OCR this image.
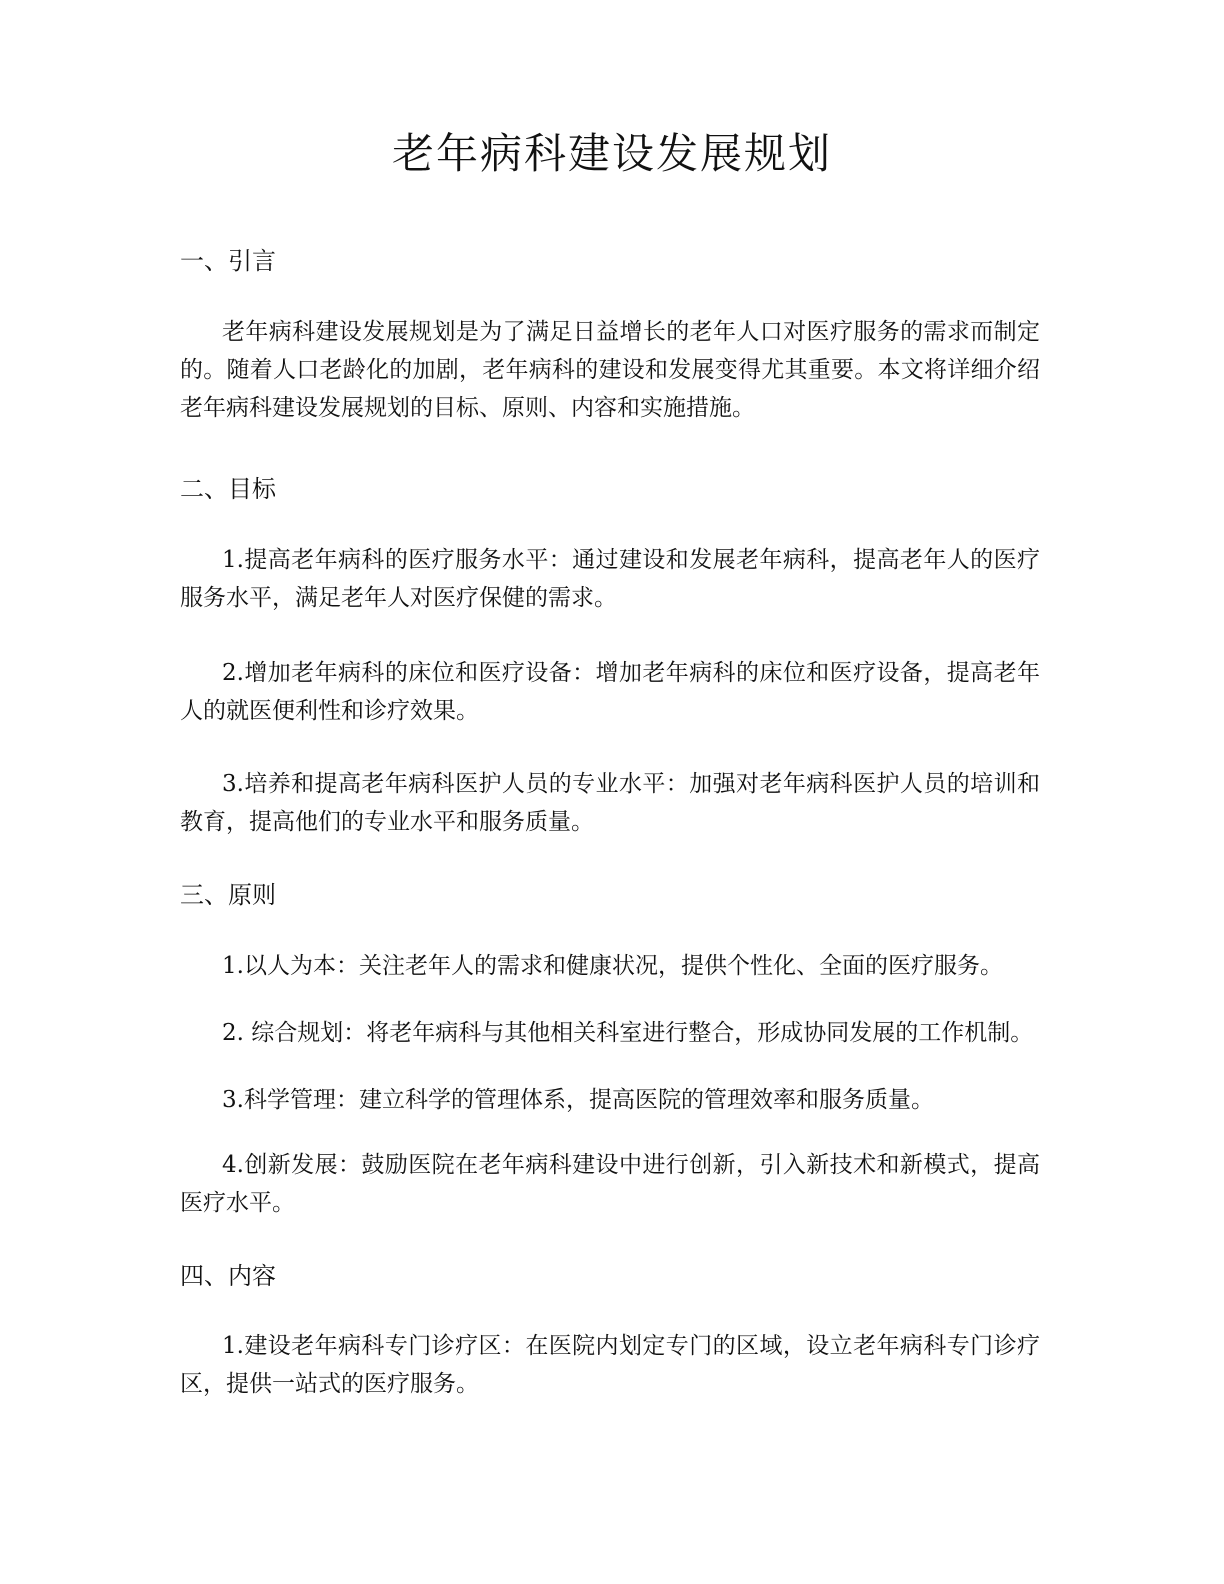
老年病科建设发展规划
一、引言

老年病科建设发展规划是为了满足日益增长的老年人口对医疗服务的需求而制定的。随着人口老龄化的加剧，老年病科的建设和发展变得尤其重要。本文将详细介绍老年病科建设发展规划的目标、原则、内容和实施措施。

二、目标

1.提高老年病科的医疗服务水平：通过建设和发展老年病科，提高老年人的医疗服务水平，满足老年人对医疗保健的需求。

2.增加老年病科的床位和医疗设备：增加老年病科的床位和医疗设备，提高老年人的就医便利性和诊疗效果。

3.培养和提高老年病科医护人员的专业水平：加强对老年病科医护人员的培训和教育，提高他们的专业水平和服务质量。

三、原则

1.以人为本：关注老年人的需求和健康状况，提供个性化、全面的医疗服务。

2. 综合规划：将老年病科与其他相关科室进行整合，形成协同发展的工作机制。

3.科学管理：建立科学的管理体系，提高医院的管理效率和服务质量。

4.创新发展：鼓励医院在老年病科建设中进行创新，引入新技术和新模式，提高医疗水平。

四、内容

1.建设老年病科专门诊疗区：在医院内划定专门的区域，设立老年病科专门诊疗区，提供一站式的医疗服务。
